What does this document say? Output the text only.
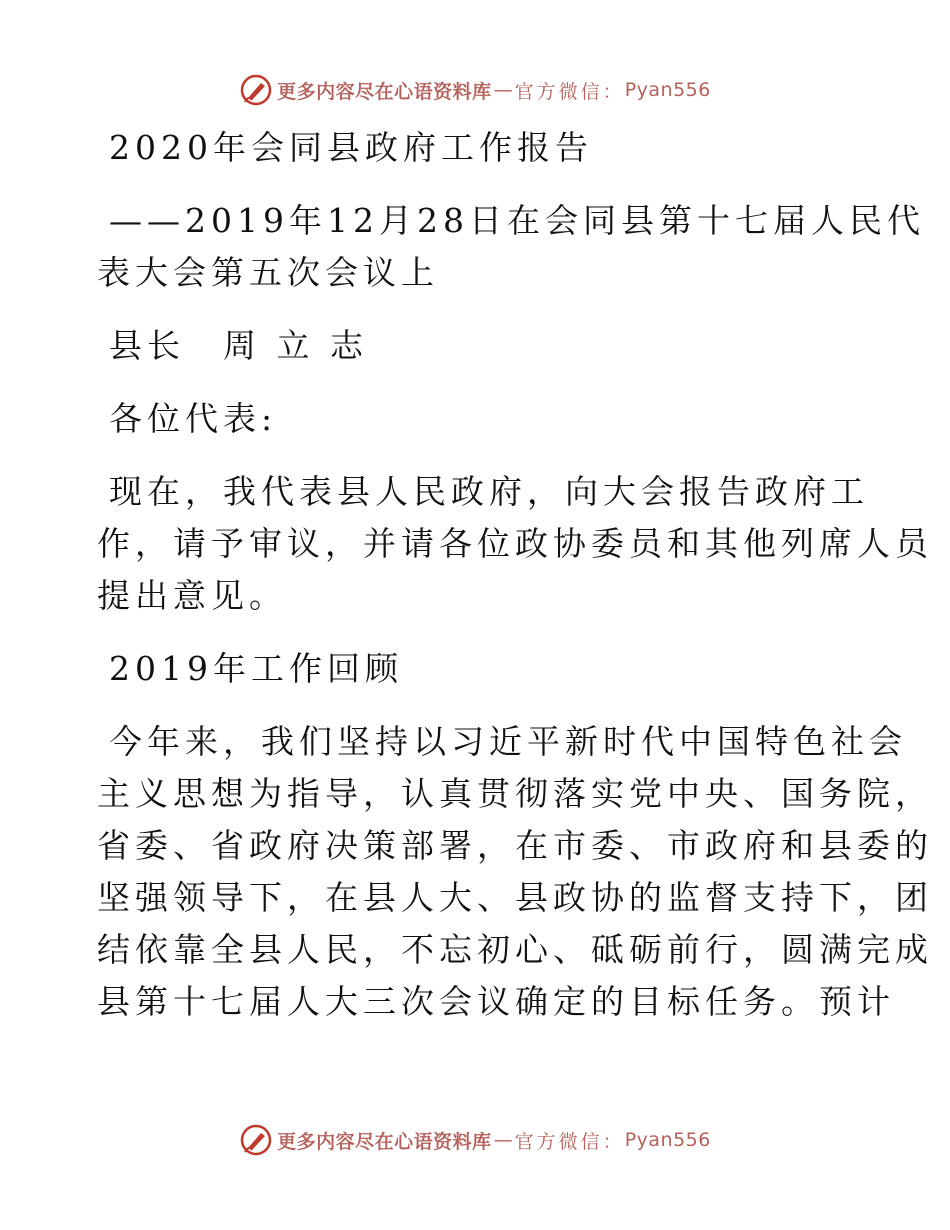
更多内容尽在心语资料库 — 官方微信： Pyan556
2020年会同县政府工作报告
——2019年12月28日在会同县第十七届人民代
表大会第五次会议上
县长　周 立 志
各位代表:
现在，我代表县人民政府，向大会报告政府工
作，请予审议，并请各位政协委员和其他列席人员
提出意见。
2019年工作回顾
今年来，我们坚持以习近平新时代中国特色社会
主义思想为指导，认真贯彻落实党中央、国务院，
省委、省政府决策部署，在市委、市政府和县委的
坚强领导下，在县人大、县政协的监督支持下，团
结依靠全县人民，不忘初心、砥砺前行，圆满完成
县第十七届人大三次会议确定的目标任务。预计
更多内容尽在心语资料库 — 官方微信： Pyan556
